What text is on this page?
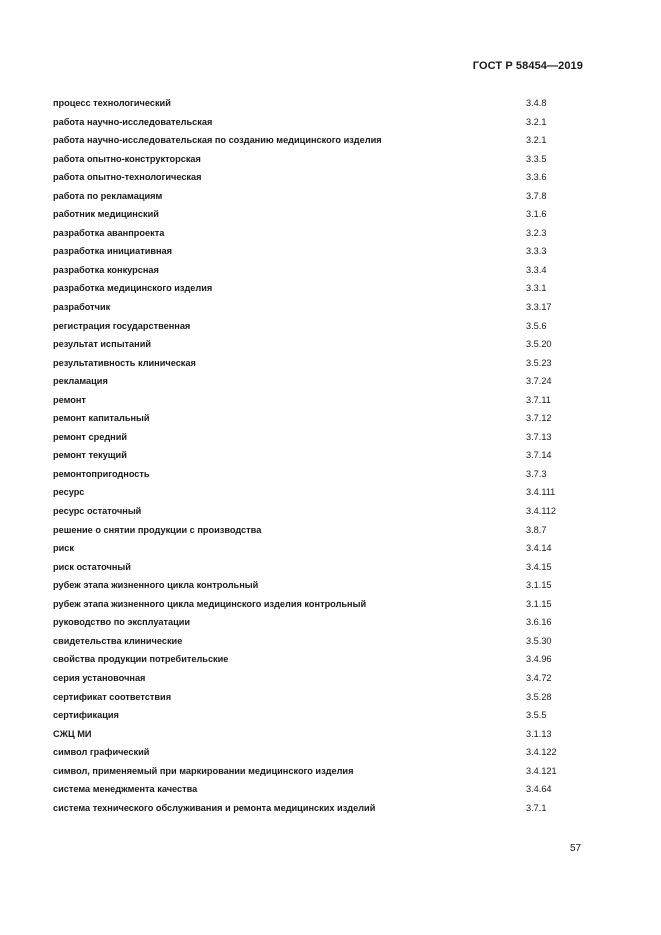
ГОСТ Р 58454—2019
процесс технологический	3.4.8
работа научно-исследовательская	3.2.1
работа научно-исследовательская по созданию медицинского изделия	3.2.1
работа опытно-конструкторская	3.3.5
работа опытно-технологическая	3.3.6
работа по рекламациям	3.7.8
работник медицинский	3.1.6
разработка аванпроекта	3.2.3
разработка инициативная	3.3.3
разработка конкурсная	3.3.4
разработка медицинского изделия	3.3.1
разработчик	3.3.17
регистрация государственная	3.5.6
результат испытаний	3.5.20
результативность клиническая	3.5.23
рекламация	3.7.24
ремонт	3.7.11
ремонт капитальный	3.7.12
ремонт средний	3.7.13
ремонт текущий	3.7.14
ремонтопригодность	3.7.3
ресурс	3.4.111
ресурс остаточный	3.4.112
решение о снятии продукции с производства	3.8.7
риск	3.4.14
риск остаточный	3.4.15
рубеж этапа жизненного цикла контрольный	3.1.15
рубеж этапа жизненного цикла медицинского изделия контрольный	3.1.15
руководство по эксплуатации	3.6.16
свидетельства клинические	3.5.30
свойства продукции потребительские	3.4.96
серия установочная	3.4.72
сертификат соответствия	3.5.28
сертификация	3.5.5
СЖЦ МИ	3.1.13
символ графический	3.4.122
символ, применяемый при маркировании медицинского изделия	3.4.121
система менеджмента качества	3.4.64
система технического обслуживания и ремонта медицинских изделий	3.7.1
57
